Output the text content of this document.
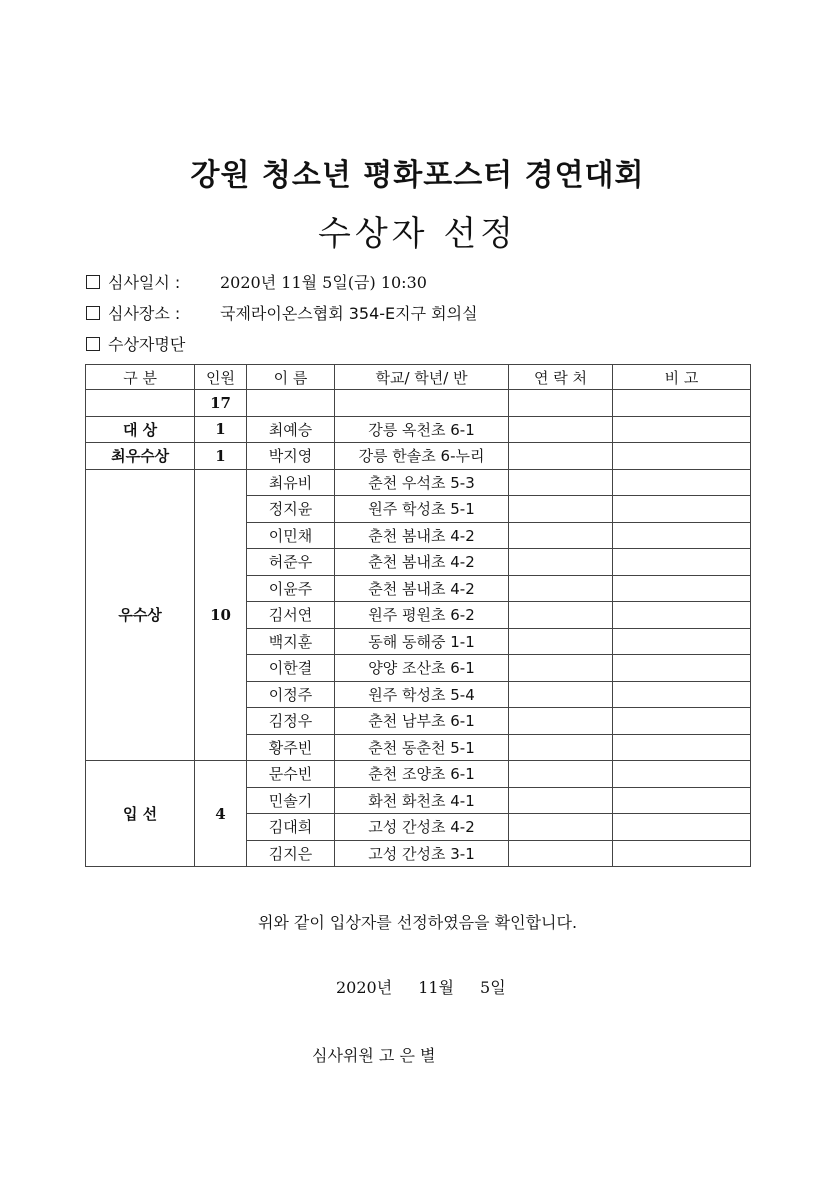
강원 청소년 평화포스터 경연대회
수상자 선정
심사일시 : 2020년 11월 5일(금) 10:30
심사장소 : 국제라이온스협회 354-E지구 회의실
수상자명단
구 분	인원	이 름	학교/ 학년/ 반	연 락 처	비 고
	17				
대 상	1	최예승	강릉 옥천초 6-1		
최우수상	1	박지영	강릉 한솔초 6-누리		
우수상	10	최유비	춘천 우석초 5-3		
		정지윤	원주 학성초 5-1		
		이민채	춘천 봄내초 4-2		
		허준우	춘천 봄내초 4-2		
		이윤주	춘천 봄내초 4-2		
		김서연	원주 평원초 6-2		
		백지훈	동해 동해중 1-1		
		이한결	양양 조산초 6-1		
		이정주	원주 학성초 5-4		
		김정우	춘천 남부초 6-1		
		황주빈	춘천 동춘천 5-1		
입 선	4	문수빈	춘천 조양초 6-1		
		민솔기	화천 화천초 4-1		
		김대희	고성 간성초 4-2		
		김지은	고성 간성초 3-1		
위와 같이 입상자를 선정하였음을 확인합니다.
2020년 11월 5일
심사위원 고 은 별
